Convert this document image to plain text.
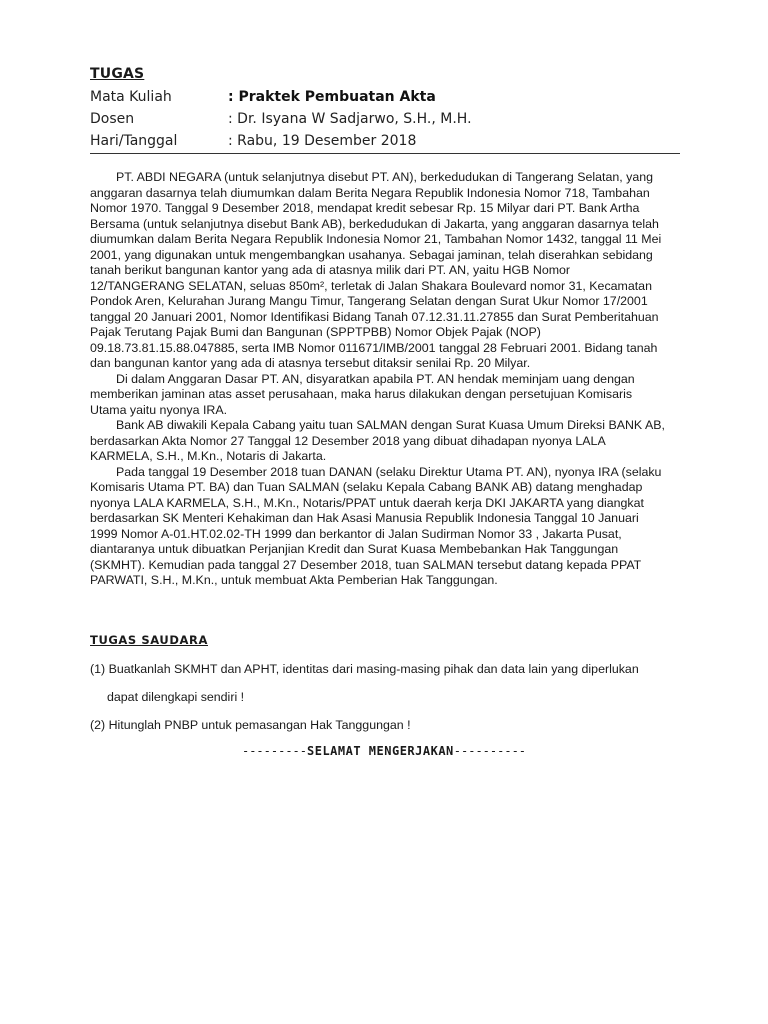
TUGAS
Mata Kuliah	: Praktek Pembuatan Akta
Dosen	: Dr. Isyana W Sadjarwo, S.H., M.H.
Hari/Tanggal	: Rabu, 19 Desember 2018
PT. ABDI NEGARA (untuk selanjutnya disebut PT. AN), berkedudukan di Tangerang Selatan, yang
anggaran dasarnya telah diumumkan dalam Berita Negara Republik Indonesia Nomor 718, Tambahan
Nomor 1970. Tanggal 9 Desember 2018, mendapat kredit sebesar Rp. 15 Milyar dari PT. Bank Artha
Bersama (untuk selanjutnya disebut Bank AB), berkedudukan di Jakarta, yang anggaran dasarnya telah
diumumkan dalam Berita Negara Republik Indonesia Nomor 21, Tambahan Nomor 1432, tanggal 11 Mei
2001, yang digunakan untuk mengembangkan usahanya. Sebagai jaminan, telah diserahkan sebidang
tanah berikut bangunan kantor yang ada di atasnya milik dari PT. AN, yaitu HGB Nomor
12/TANGERANG SELATAN, seluas 850m², terletak di Jalan Shakara Boulevard nomor 31, Kecamatan
Pondok Aren, Kelurahan Jurang Mangu Timur, Tangerang Selatan dengan Surat Ukur Nomor 17/2001
tanggal 20 Januari 2001, Nomor Identifikasi Bidang Tanah 07.12.31.11.27855 dan Surat Pemberitahuan
Pajak Terutang Pajak Bumi dan Bangunan (SPPTPBB) Nomor Objek Pajak (NOP)
09.18.73.81.15.88.047885, serta IMB Nomor 011671/IMB/2001 tanggal 28 Februari 2001. Bidang tanah
dan bangunan kantor yang ada di atasnya tersebut ditaksir senilai Rp. 20 Milyar.
Di dalam Anggaran Dasar PT. AN, disyaratkan apabila PT. AN hendak meminjam uang dengan
memberikan jaminan atas asset perusahaan, maka harus dilakukan dengan persetujuan Komisaris
Utama yaitu nyonya IRA.
Bank AB diwakili Kepala Cabang yaitu tuan SALMAN dengan Surat Kuasa Umum Direksi BANK AB,
berdasarkan Akta Nomor 27 Tanggal 12 Desember 2018 yang dibuat dihadapan nyonya LALA
KARMELA, S.H., M.Kn., Notaris di Jakarta.
Pada tanggal 19 Desember 2018 tuan DANAN (selaku Direktur Utama PT. AN), nyonya IRA (selaku
Komisaris Utama PT. BA) dan Tuan SALMAN (selaku Kepala Cabang BANK AB) datang menghadap
nyonya LALA KARMELA, S.H., M.Kn., Notaris/PPAT untuk daerah kerja DKI JAKARTA yang diangkat
berdasarkan SK Menteri Kehakiman dan Hak Asasi Manusia Republik Indonesia Tanggal 10 Januari
1999 Nomor A-01.HT.02.02-TH 1999 dan berkantor di Jalan Sudirman Nomor 33 , Jakarta Pusat,
diantaranya untuk dibuatkan Perjanjian Kredit dan Surat Kuasa Membebankan Hak Tanggungan
(SKMHT). Kemudian pada tanggal 27 Desember 2018, tuan SALMAN tersebut datang kepada PPAT
PARWATI, S.H., M.Kn., untuk membuat Akta Pemberian Hak Tanggungan.
TUGAS SAUDARA
(1) Buatkanlah SKMHT dan APHT, identitas dari masing-masing pihak dan data lain yang diperlukan
dapat dilengkapi sendiri !
(2) Hitunglah PNBP untuk pemasangan Hak Tanggungan !
---------SELAMAT MENGERJAKAN----------
